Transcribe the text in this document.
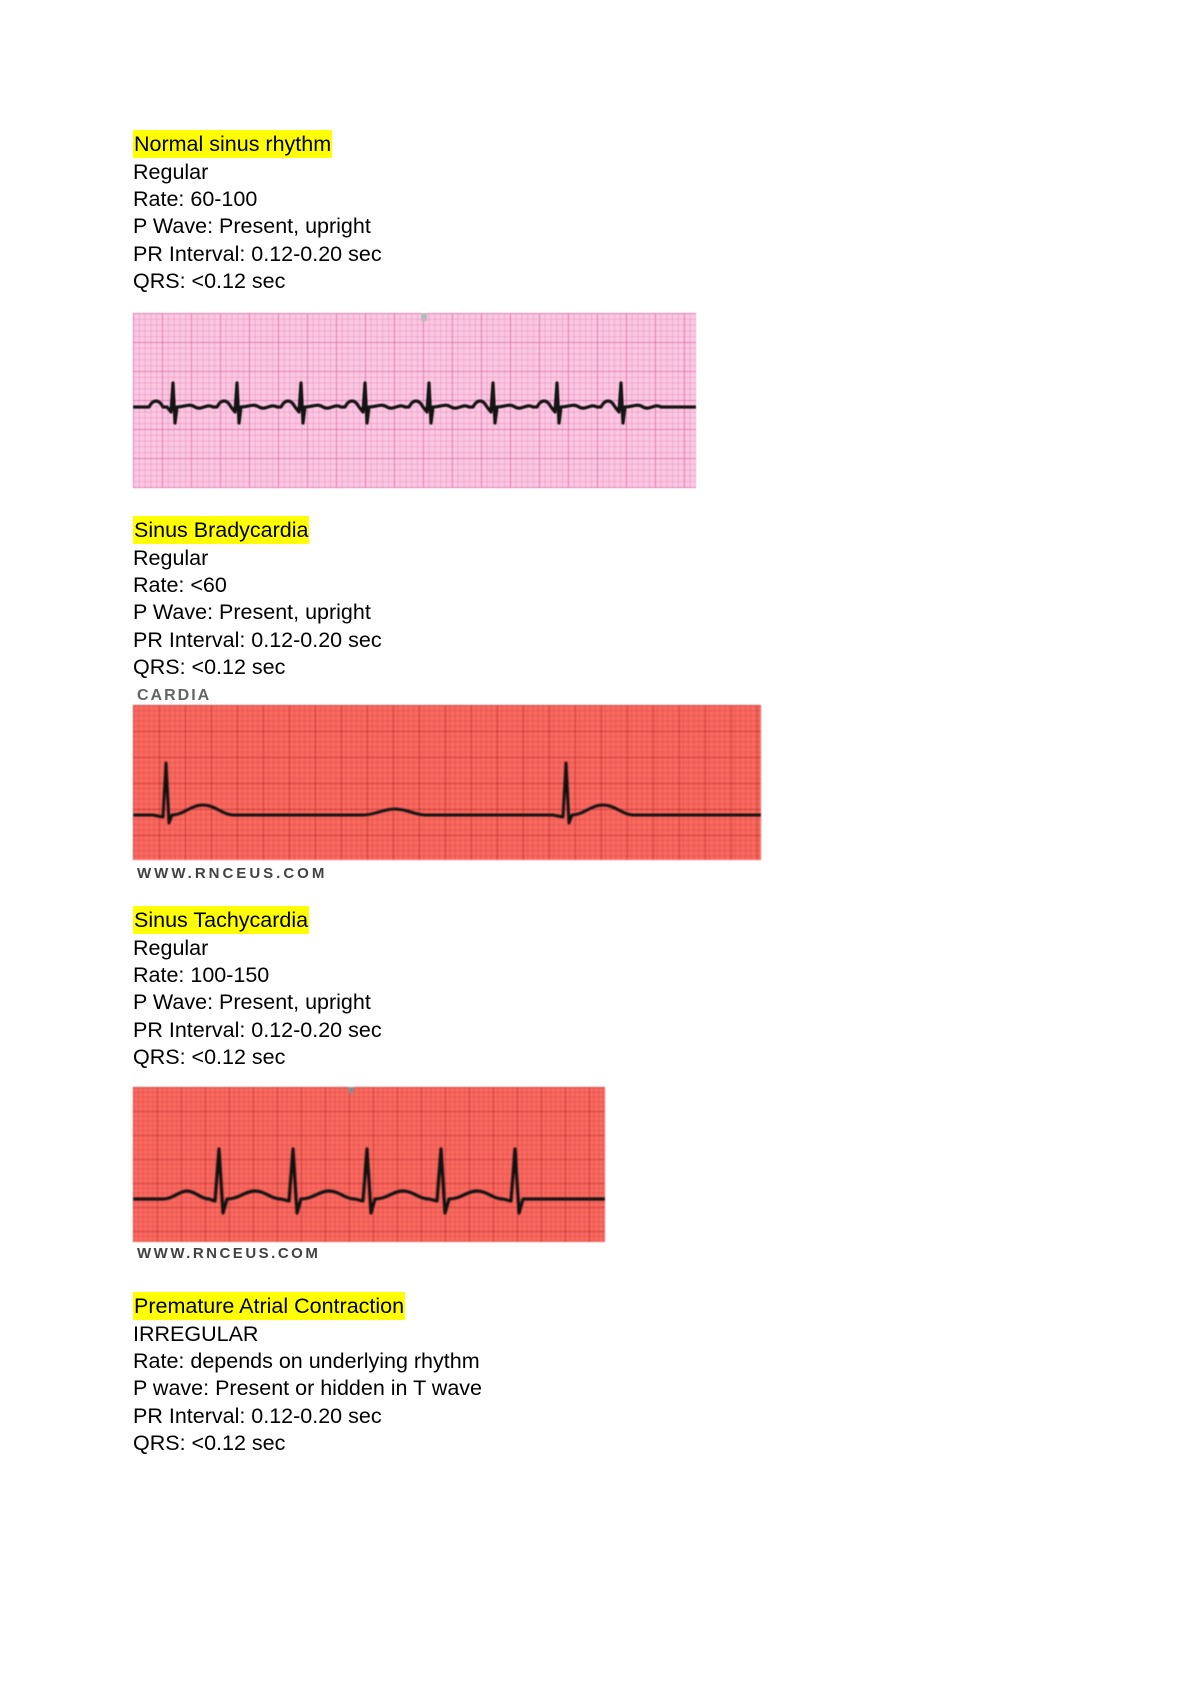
Normal sinus rhythm
Regular
Rate: 60-100
P Wave: Present, upright
PR Interval: 0.12-0.20 sec
QRS: <0.12 sec
Sinus Bradycardia
Regular
Rate: <60
P Wave: Present, upright
PR Interval: 0.12-0.20 sec
QRS: <0.12 sec
CARDIA
WWW.RNCEUS.COM
Sinus Tachycardia
Regular
Rate: 100-150
P Wave: Present, upright
PR Interval: 0.12-0.20 sec
QRS: <0.12 sec
WWW.RNCEUS.COM
Premature Atrial Contraction
IRREGULAR
Rate: depends on underlying rhythm
P wave: Present or hidden in T wave
PR Interval: 0.12-0.20 sec
QRS: <0.12 sec
